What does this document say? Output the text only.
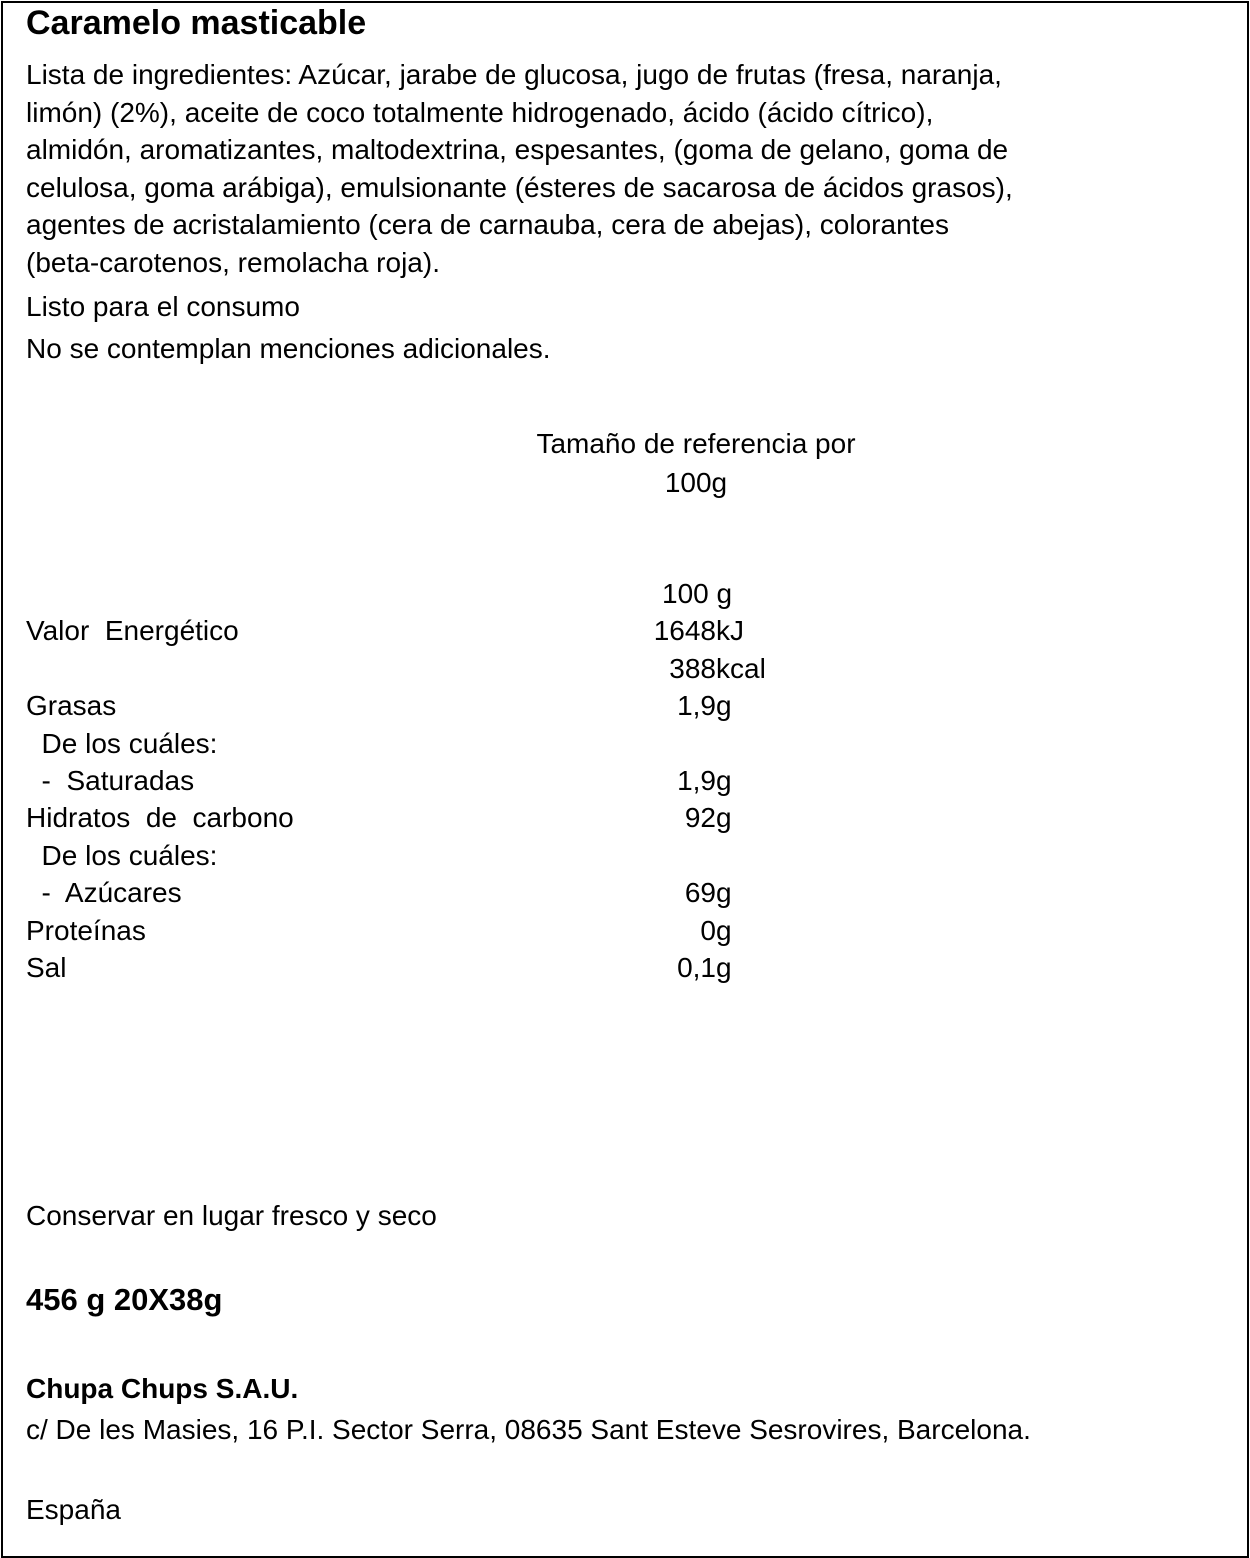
Caramelo masticable
Lista de ingredientes: Azúcar, jarabe de glucosa, jugo de frutas (fresa, naranja,
limón) (2%), aceite de coco totalmente hidrogenado, ácido (ácido cítrico),
almidón, aromatizantes, maltodextrina, espesantes, (goma de gelano, goma de
celulosa, goma arábiga), emulsionante (ésteres de sacarosa de ácidos grasos),
agentes de acristalamiento (cera de carnauba, cera de abejas), colorantes
(beta-carotenos, remolacha roja).
Listo para el consumo
No se contemplan menciones adicionales.
Tamaño de referencia por
100g
100 g
Valor  Energético	1648 kJ
388 kcal
Grasas	1,9 g
De los cuáles:
-  Saturadas	1,9 g
Hidratos  de  carbono	92 g
De los cuáles:
-  Azúcares	69 g
Proteínas	0 g
Sal	0,1 g
Conservar en lugar fresco y seco
456 g 20X38g
Chupa Chups S.A.U.
c/ De les Masies, 16 P.I. Sector Serra, 08635 Sant Esteve Sesrovires, Barcelona.
España
